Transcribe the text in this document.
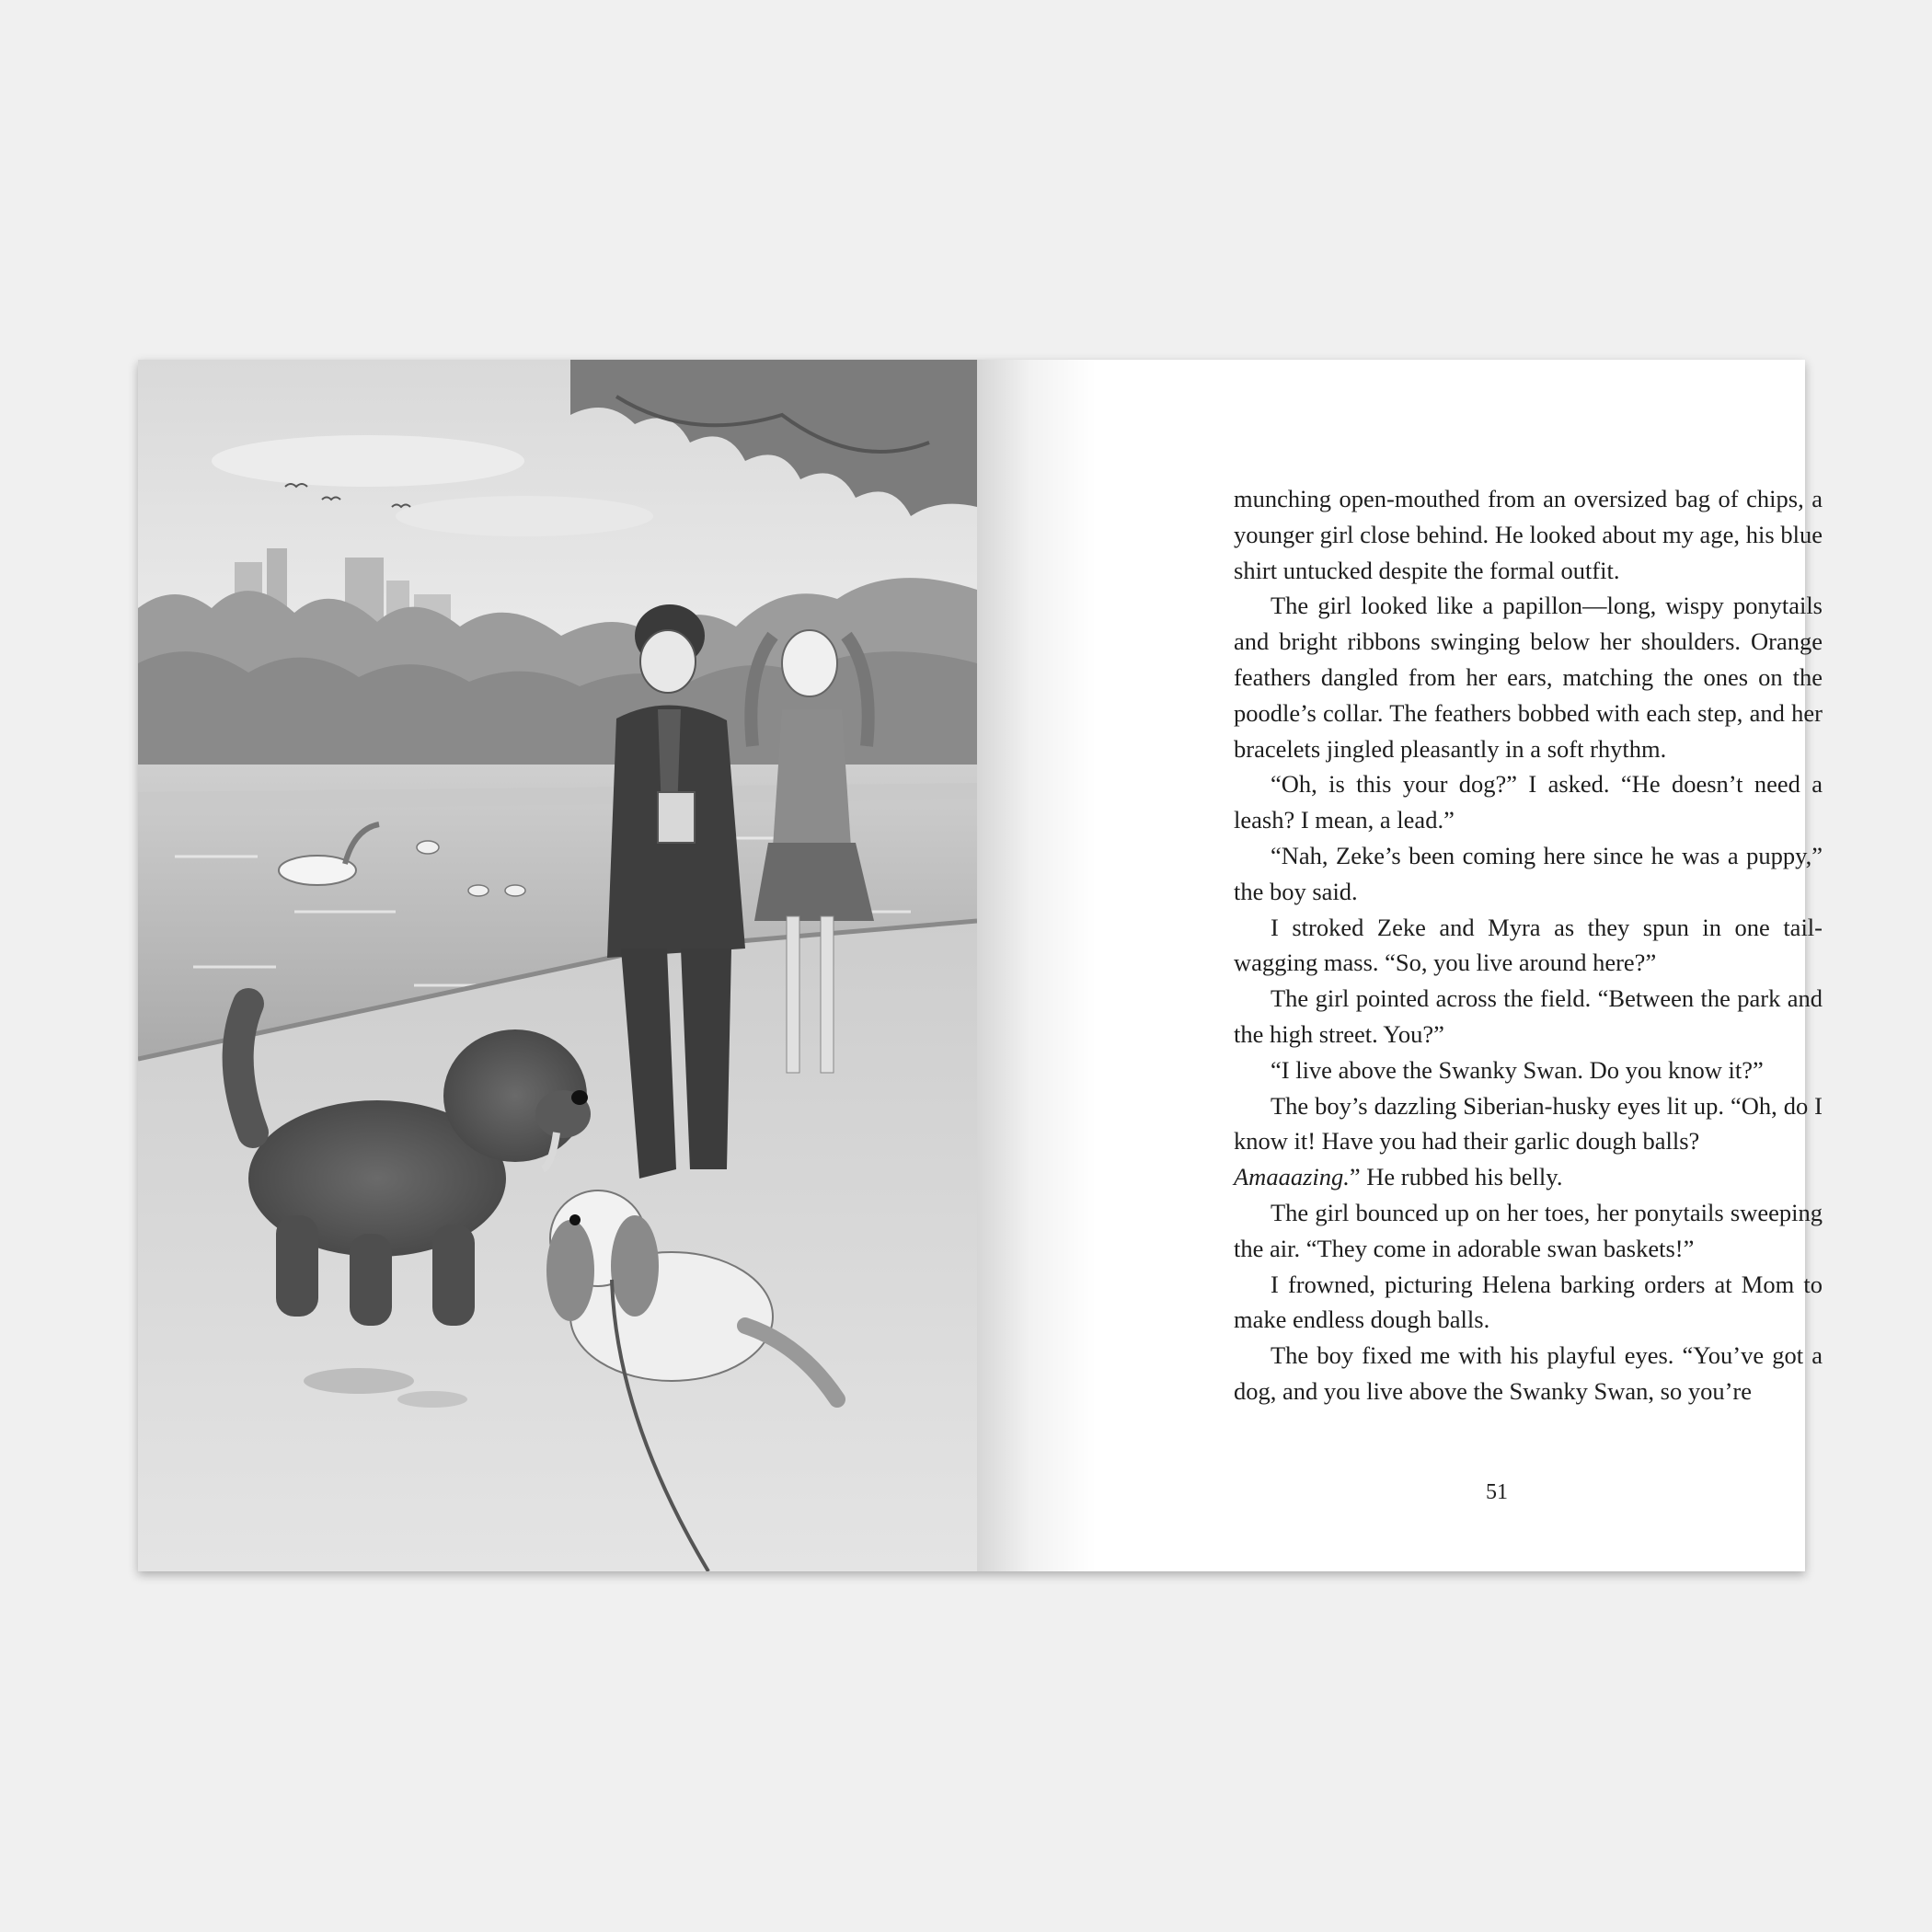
munching open-mouthed from an oversized bag of chips, a younger girl close behind. He looked about my age, his blue shirt untucked despite the formal outfit.

The girl looked like a papillon—long, wispy ponytails and bright ribbons swinging below her shoulders. Orange feathers dangled from her ears, matching the ones on the poodle’s collar. The feathers bobbed with each step, and her bracelets jingled pleasantly in a soft rhythm.

“Oh, is this your dog?” I asked. “He doesn’t need a leash? I mean, a lead.”

“Nah, Zeke’s been coming here since he was a puppy,” the boy said.

I stroked Zeke and Myra as they spun in one tail-wagging mass. “So, you live around here?”

The girl pointed across the field. “Between the park and the high street. You?”

“I live above the Swanky Swan. Do you know it?”

The boy’s dazzling Siberian-husky eyes lit up. “Oh, do I know it! Have you had their garlic dough balls?

Amaaazing.” He rubbed his belly.

The girl bounced up on her toes, her ponytails sweeping the air. “They come in adorable swan baskets!”

I frowned, picturing Helena barking orders at Mom to make endless dough balls.

The boy fixed me with his playful eyes. “You’ve got a dog, and you live above the Swanky Swan, so you’re

51
